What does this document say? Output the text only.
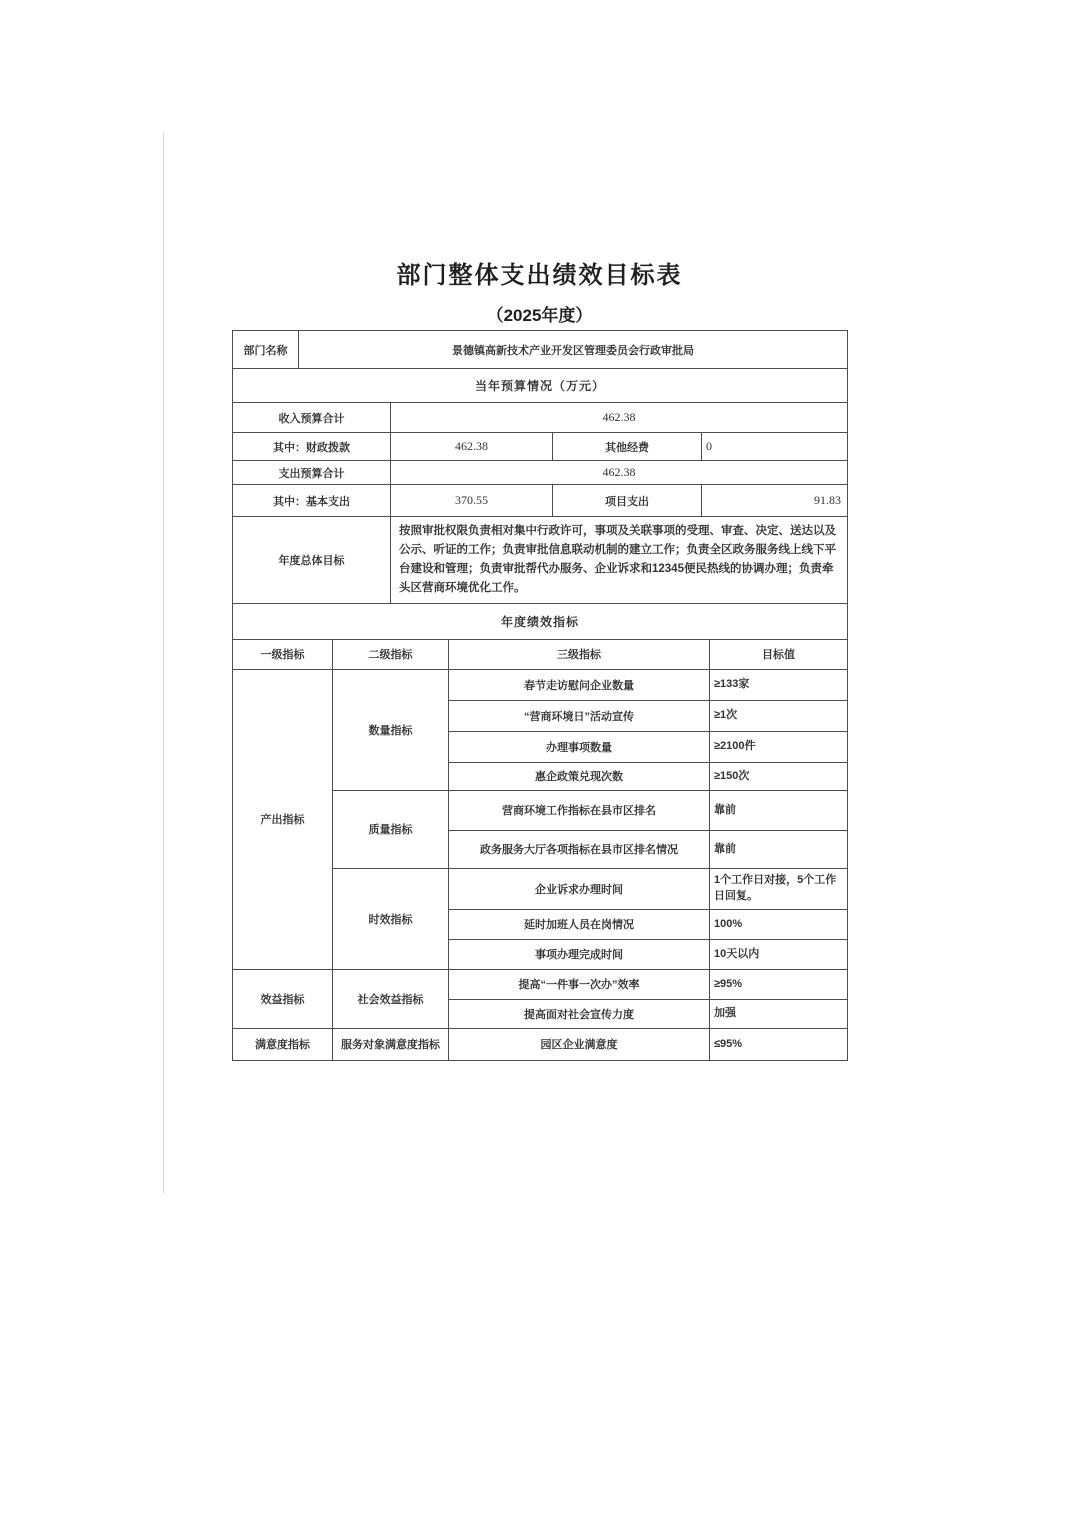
部门整体支出绩效目标表
（2025年度）
部门名称	景德镇高新技术产业开发区管理委员会行政审批局
当年预算情况（万元）			
收入预算合计	462.38		
其中：财政拨款	462.38	其他经费	0
支出预算合计	462.38		
其中：基本支出	370.55	项目支出	91.83
年度总体目标	按照审批权限负责相对集中行政许可，事项及关联事项的受理、审查、决定、送达以及公示、听证的工作；负责审批信息联动机制的建立工作；负责全区政务服务线上线下平台建设和管理；负责审批帮代办服务、企业诉求和12345便民热线的协调办理；负责牵头区营商环境优化工作。		
年度绩效指标			
一级指标	二级指标	三级指标	目标值
产出指标	数量指标	春节走访慰问企业数量	≥133家
		“营商环境日”活动宣传	≥1次
		办理事项数量	≥2100件
		惠企政策兑现次数	≥150次
	质量指标	营商环境工作指标在县市区排名	靠前
		政务服务大厅各项指标在县市区排名情况	靠前
	时效指标	企业诉求办理时间	1个工作日对接，5个工作日回复。
		延时加班人员在岗情况	100%
		事项办理完成时间	10天以内
效益指标	社会效益指标	提高“一件事一次办”效率	≥95%
		提高面对社会宣传力度	加强
满意度指标	服务对象满意度指标	园区企业满意度	≤95%
